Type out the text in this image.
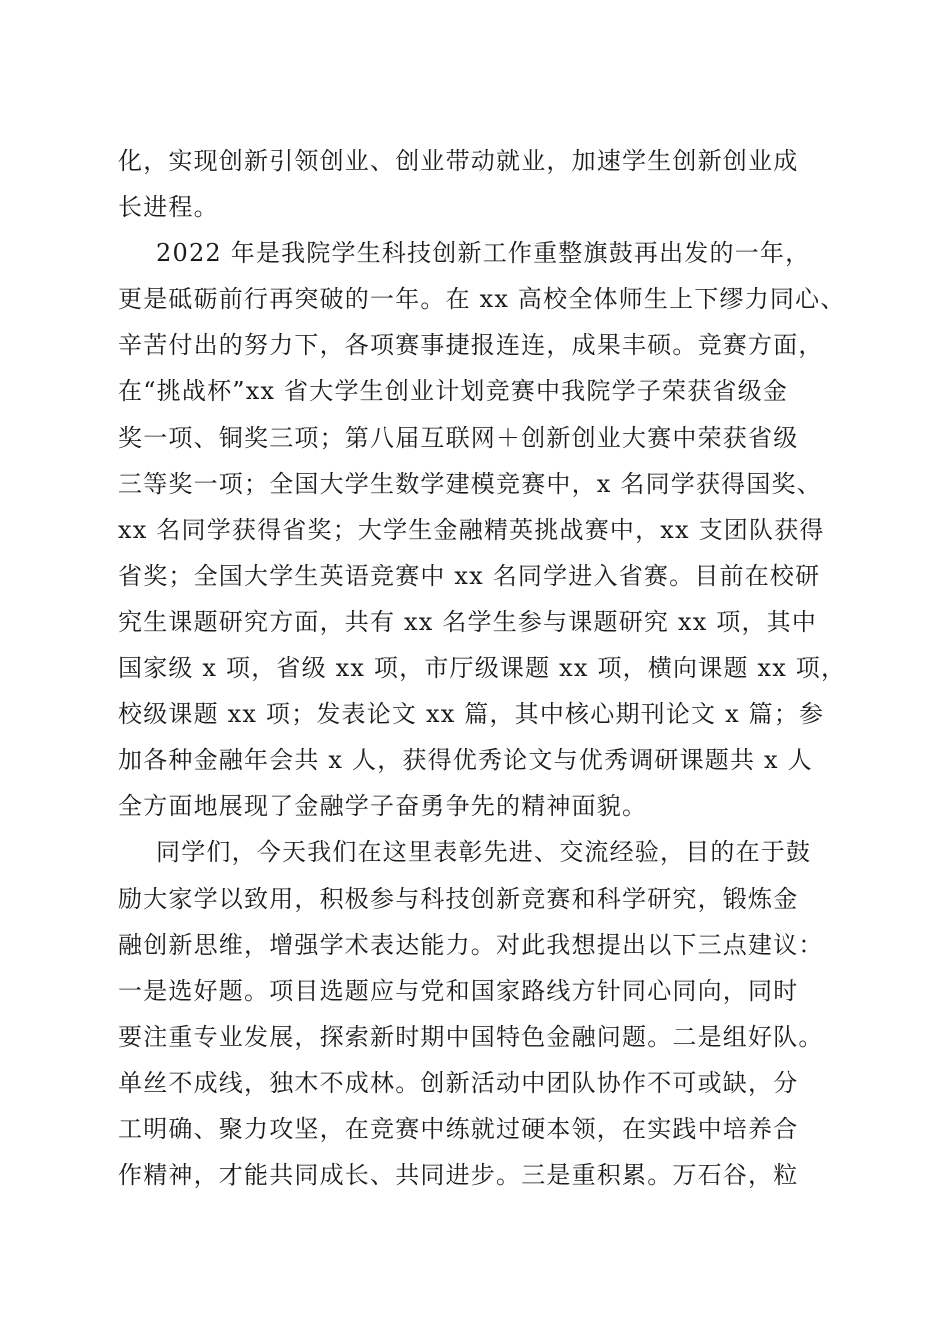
化，实现创新引领创业、创业带动就业，加速学生创新创业成
长进程。
2022 年是我院学生科技创新工作重整旗鼓再出发的一年，
更是砥砺前行再突破的一年。在 xx 高校全体师生上下缪力同心、
辛苦付出的努力下，各项赛事捷报连连，成果丰硕。竞赛方面，
在“挑战杯”xx 省大学生创业计划竞赛中我院学子荣获省级金
奖一项、铜奖三项；第八届互联网＋创新创业大赛中荣获省级
三等奖一项；全国大学生数学建模竞赛中，x 名同学获得国奖、
xx 名同学获得省奖；大学生金融精英挑战赛中，xx 支团队获得
省奖；全国大学生英语竞赛中 xx 名同学进入省赛。目前在校研
究生课题研究方面，共有 xx 名学生参与课题研究 xx 项，其中
国家级 x 项，省级 xx 项，市厅级课题 xx 项，横向课题 xx 项，
校级课题 xx 项；发表论文 xx 篇，其中核心期刊论文 x 篇；参
加各种金融年会共 x 人，获得优秀论文与优秀调研课题共 x 人
全方面地展现了金融学子奋勇争先的精神面貌。
同学们，今天我们在这里表彰先进、交流经验，目的在于鼓
励大家学以致用，积极参与科技创新竞赛和科学研究，锻炼金
融创新思维，增强学术表达能力。对此我想提出以下三点建议：
一是选好题。项目选题应与党和国家路线方针同心同向，同时
要注重专业发展，探索新时期中国特色金融问题。二是组好队。
单丝不成线，独木不成林。创新活动中团队协作不可或缺，分
工明确、聚力攻坚，在竞赛中练就过硬本领，在实践中培养合
作精神，才能共同成长、共同进步。三是重积累。万石谷，粒
